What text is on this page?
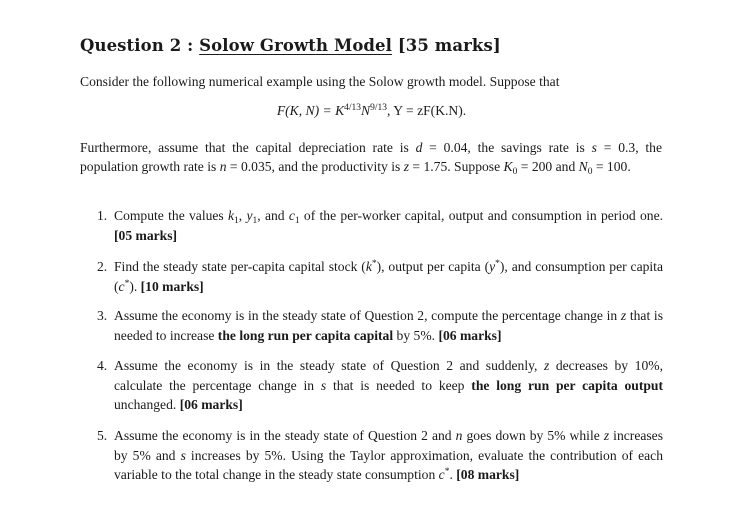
Question 2 : Solow Growth Model [35 marks]
Consider the following numerical example using the Solow growth model. Suppose that
F(K, $N) = K^{4/13}N^{9/13}$, Y = zF(K.N).
Furthermore, assume that the capital depreciation rate is d = 0.04, the savings rate is s = 0.3, the population growth rate is n = 0.035, and the productivity is z = 1.75. Suppose $K_0 = 200$ and $N_0 = 100$.
1. Compute the values $k_1$, $y_1$, and $c_1$ of the per-worker capital, output and consumption in period one. [05 marks]
2. Find the steady state per-capita capital stock (k*), output per capita (y*), and consumption per capita (c*). [10 marks]
3. Assume the economy is in the steady state of Question 2, compute the percentage change in z that is needed to increase the long run per capita capital by 5%. [06 marks]
4. Assume the economy is in the steady state of Question 2 and suddenly, z decreases by 10%, calculate the percentage change in s that is needed to keep the long run per capita output unchanged. [06 marks]
5. Assume the economy is in the steady state of Question 2 and n goes down by 5% while z increases by 5% and s increases by 5%. Using the Taylor approximation, evaluate the contribution of each variable to the total change in the steady state consumption c*. [08 marks]
